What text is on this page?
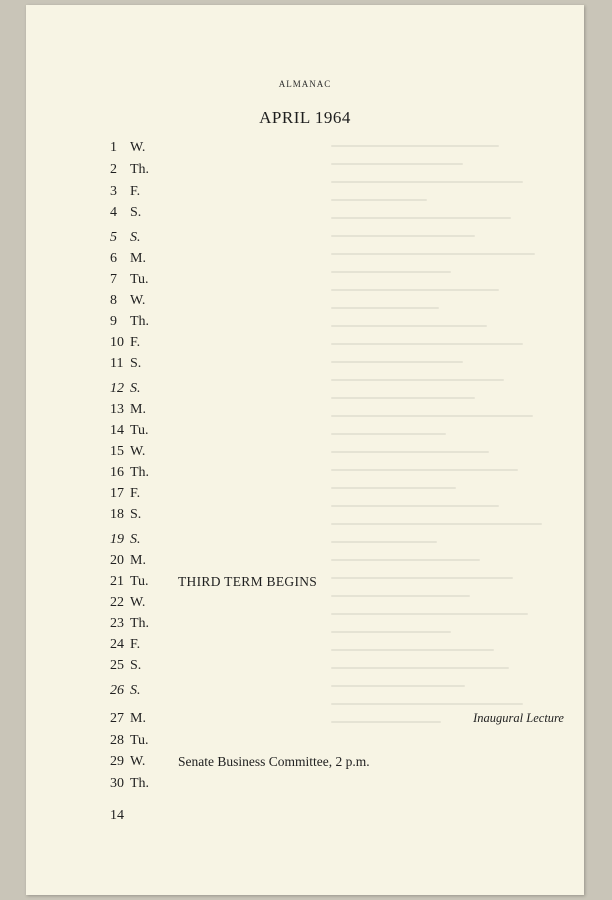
ALMANAC
APRIL 1964
1 W.
2 Th.
3 F.
4 S.
5 S.
6 M.
7 Tu.
8 W.
9 Th.
10 F.
11 S.
12 S.
13 M.
14 Tu.
15 W.
16 Th.
17 F.
18 S.
19 S.
20 M.
21 Tu. THIRD TERM BEGINS
22 W.
23 Th.
24 F.
25 S.
26 S.
27 M.	Inaugural Lecture
28 Tu.
29 W. Senate Business Committee, 2 p.m.
30 Th.
14
